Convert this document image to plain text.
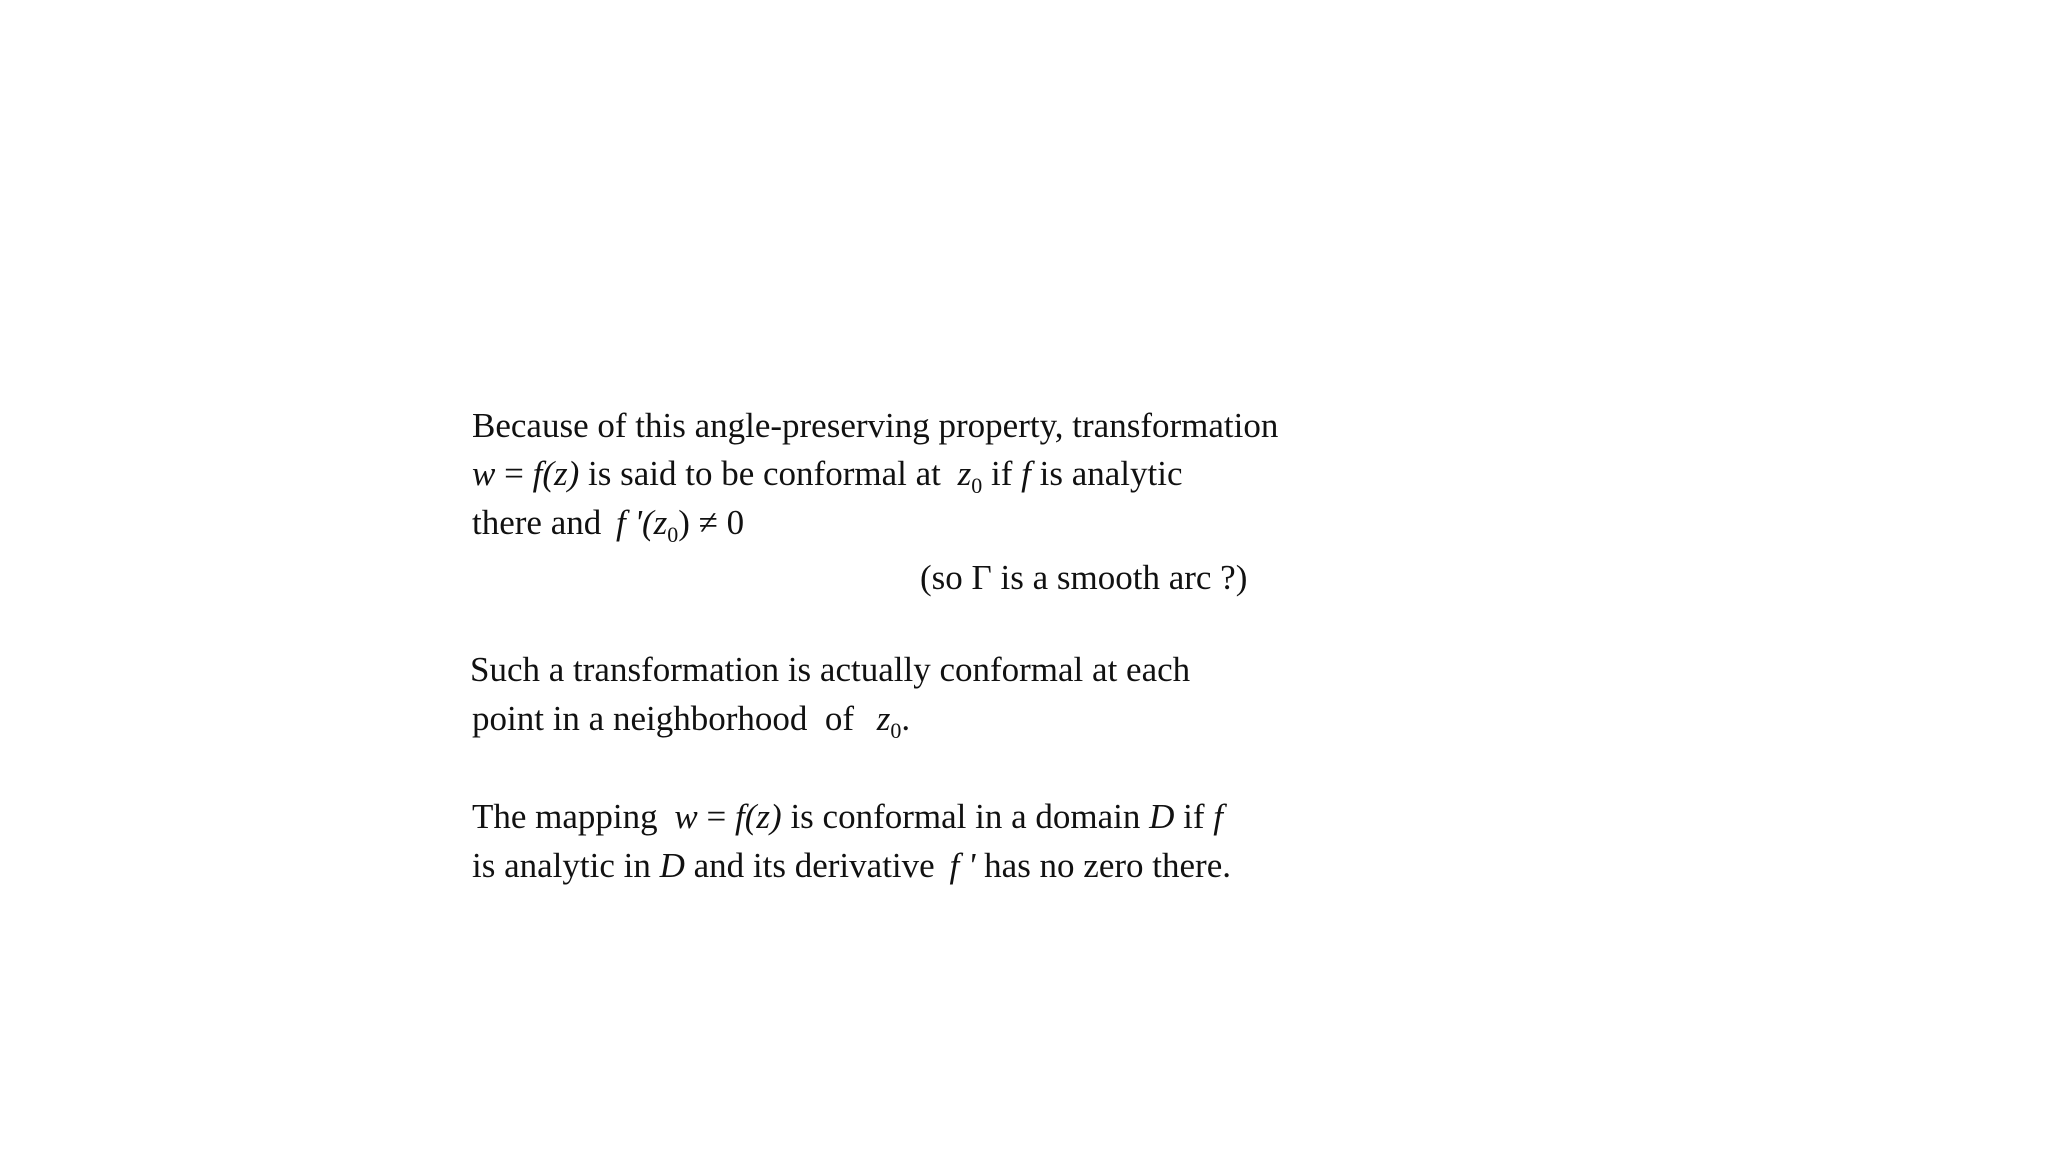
Because of this angle-preserving property, transformation
w = f(z) is said to be conformal at $z_0$ if f is analytic
there and f '$(z_0) \ne 0$
(so Γ is a smooth arc ?)
Such a transformation is actually conformal at each
point in a neighborhood  of $z_0$.
The mapping w = f(z) is conformal in a domain D if f
is analytic in D and its derivative f ' has no zero there.
